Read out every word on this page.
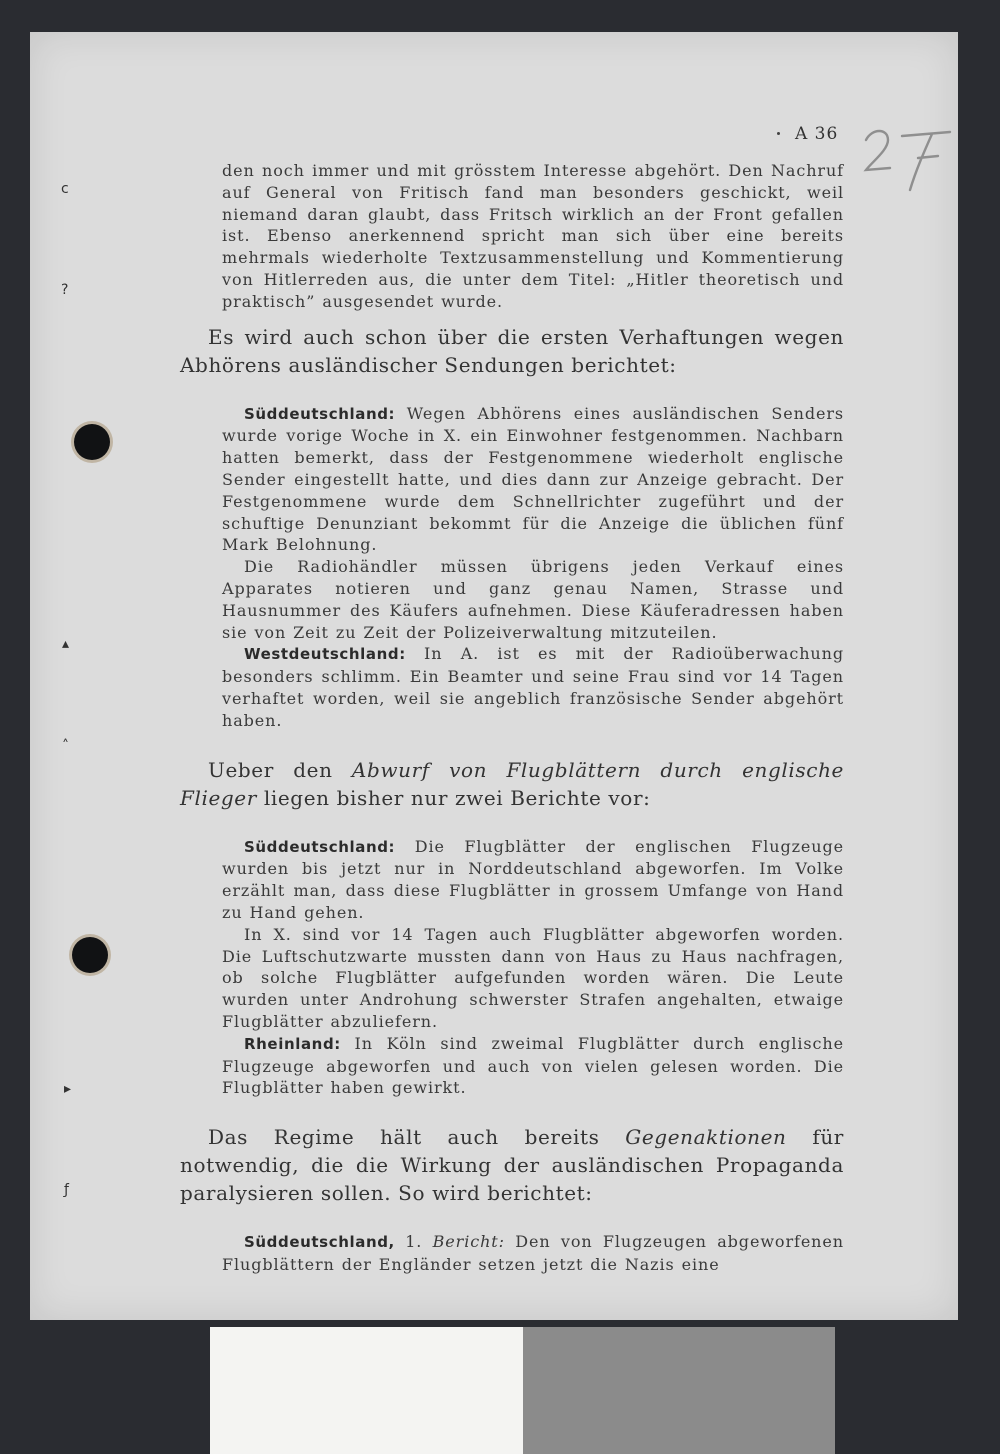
A 36
c
?
▴
˄
▸
ƒ

den noch immer und mit grösstem Interesse abgehört. Den Nachruf auf General von Fritisch fand man besonders geschickt, weil niemand daran glaubt, dass Fritsch wirklich an der Front gefallen ist. Ebenso anerkennend spricht man sich über eine bereits mehrmals wiederholte Textzusammenstellung und Kommentierung von Hitlerreden aus, die unter dem Titel: „Hitler theoretisch und praktisch” ausgesendet wurde.

Es wird auch schon über die ersten Verhaftungen wegen Abhörens ausländischer Sendungen berichtet:

Süddeutschland: Wegen Abhörens eines ausländischen Senders wurde vorige Woche in X. ein Einwohner festgenommen. Nachbarn hatten bemerkt, dass der Festgenommene wiederholt englische Sender eingestellt hatte, und dies dann zur Anzeige gebracht. Der Festgenommene wurde dem Schnellrichter zugeführt und der schuftige Denunziant bekommt für die Anzeige die üblichen fünf Mark Belohnung.

Die Radiohändler müssen übrigens jeden Verkauf eines Apparates notieren und ganz genau Namen, Strasse und Hausnummer des Käufers aufnehmen. Diese Käuferadressen haben sie von Zeit zu Zeit der Polizeiverwaltung mitzuteilen.

Westdeutschland: In A. ist es mit der Radioüberwachung besonders schlimm. Ein Beamter und seine Frau sind vor 14 Tagen verhaftet worden, weil sie angeblich französische Sender abgehört haben.

Ueber den Abwurf von Flugblättern durch englische Flieger liegen bisher nur zwei Berichte vor:

Süddeutschland: Die Flugblätter der englischen Flugzeuge wurden bis jetzt nur in Norddeutschland abgeworfen. Im Volke erzählt man, dass diese Flugblätter in grossem Umfange von Hand zu Hand gehen.

In X. sind vor 14 Tagen auch Flugblätter abgeworfen worden. Die Luftschutzwarte mussten dann von Haus zu Haus nachfragen, ob solche Flugblätter aufgefunden worden wären. Die Leute wurden unter Androhung schwerster Strafen angehalten, etwaige Flugblätter abzuliefern.

Rheinland: In Köln sind zweimal Flugblätter durch englische Flugzeuge abgeworfen und auch von vielen gelesen worden. Die Flugblätter haben gewirkt.

Das Regime hält auch bereits Gegenaktionen für notwendig, die die Wirkung der ausländischen Propaganda paralysieren sollen. So wird berichtet:

Süddeutschland, 1. Bericht: Den von Flugzeugen abgeworfenen Flugblättern der Engländer setzen jetzt die Nazis eine
